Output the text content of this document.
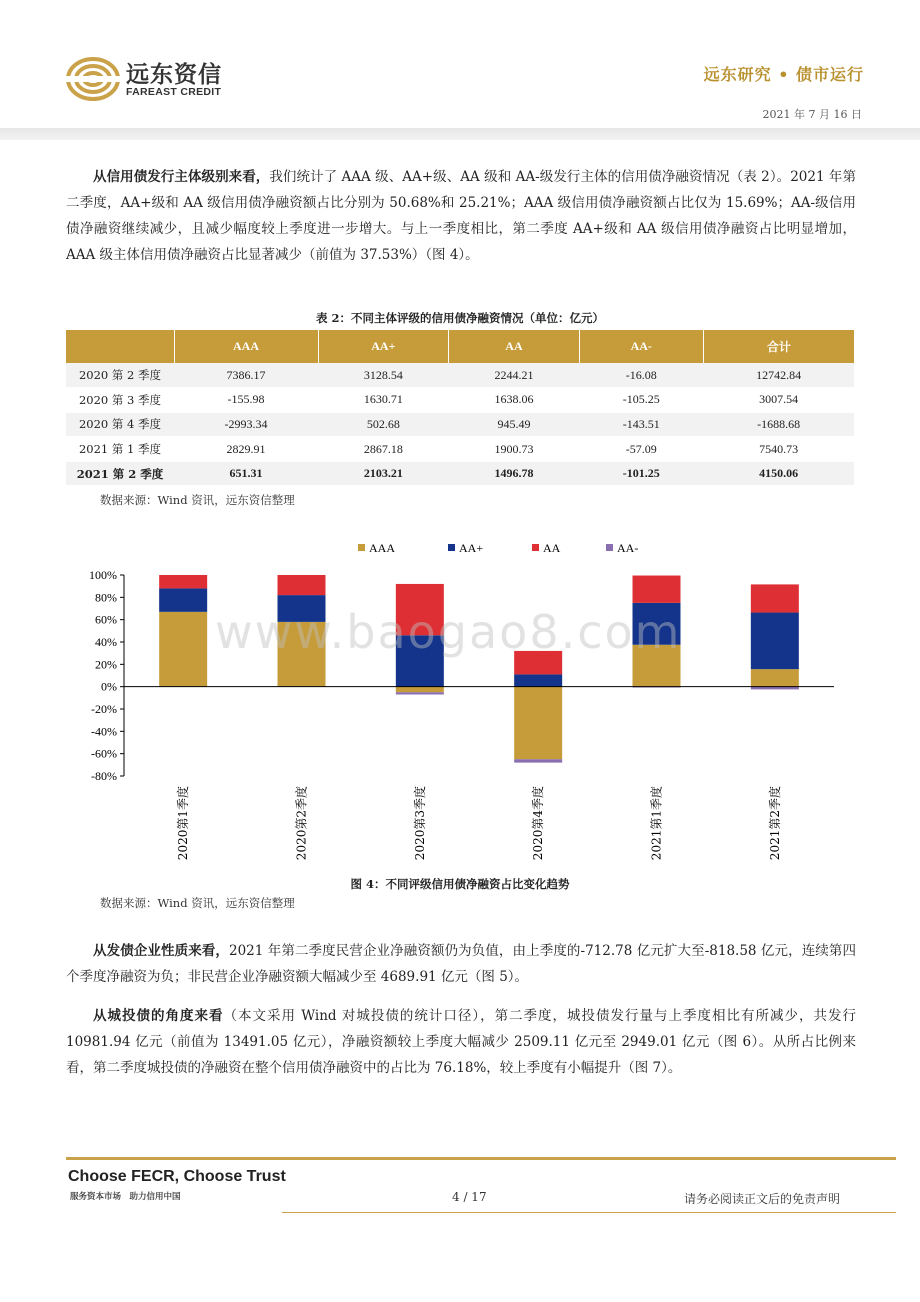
远东资信
FAREAST CREDIT
远东研究 • 债市运行
2021 年 7 月 16 日
从信用债发行主体级别来看，我们统计了 AAA 级、AA+级、AA 级和 AA-级发行主体的信用债净融资情况（表 2）。2021 年第二季度，AA+级和 AA 级信用债净融资额占比分别为 50.68%和 25.21%；AAA 级信用债净融资额占比仅为 15.69%；AA-级信用债净融资继续减少，且减少幅度较上季度进一步增大。与上一季度相比，第二季度 AA+级和 AA 级信用债净融资占比明显增加，AAA 级主体信用债净融资占比显著减少（前值为 37.53%）（图 4）。
表 2：不同主体评级的信用债净融资情况（单位：亿元）
	AAA	AA+	AA	AA-	合计
2020 第 2 季度	7386.17	3128.54	2244.21	-16.08	12742.84
2020 第 3 季度	-155.98	1630.71	1638.06	-105.25	3007.54
2020 第 4 季度	-2993.34	502.68	945.49	-143.51	-1688.68
2021 第 1 季度	2829.91	2867.18	1900.73	-57.09	7540.73
2021 第 2 季度	651.31	2103.21	1496.78	-101.25	4150.06
数据来源：Wind 资讯，远东资信整理
100%
80%
60%
40%
20%
0%
-20%
-40%
-60%
-80%
2020第1季度	2020第2季度	2020第3季度	2020第4季度	2021第1季度	2021第2季度
AAA	AA+	AA	AA-
www.baogao8.com
图 4：不同评级信用债净融资占比变化趋势
数据来源：Wind 资讯，远东资信整理
从发债企业性质来看，2021 年第二季度民营企业净融资额仍为负值，由上季度的-712.78 亿元扩大至-818.58 亿元，连续第四个季度净融资为负；非民营企业净融资额大幅减少至 4689.91 亿元（图 5）。
从城投债的角度来看（本文采用 Wind 对城投债的统计口径），第二季度，城投债发行量与上季度相比有所减少，共发行 10981.94 亿元（前值为 13491.05 亿元），净融资额较上季度大幅减少 2509.11 亿元至 2949.01 亿元（图 6）。从所占比例来看，第二季度城投债的净融资在整个信用债净融资中的占比为 76.18%，较上季度有小幅提升（图 7）。
Choose FECR, Choose Trust
服务资本市场　助力信用中国	4 / 17	请务必阅读正文后的免责声明
